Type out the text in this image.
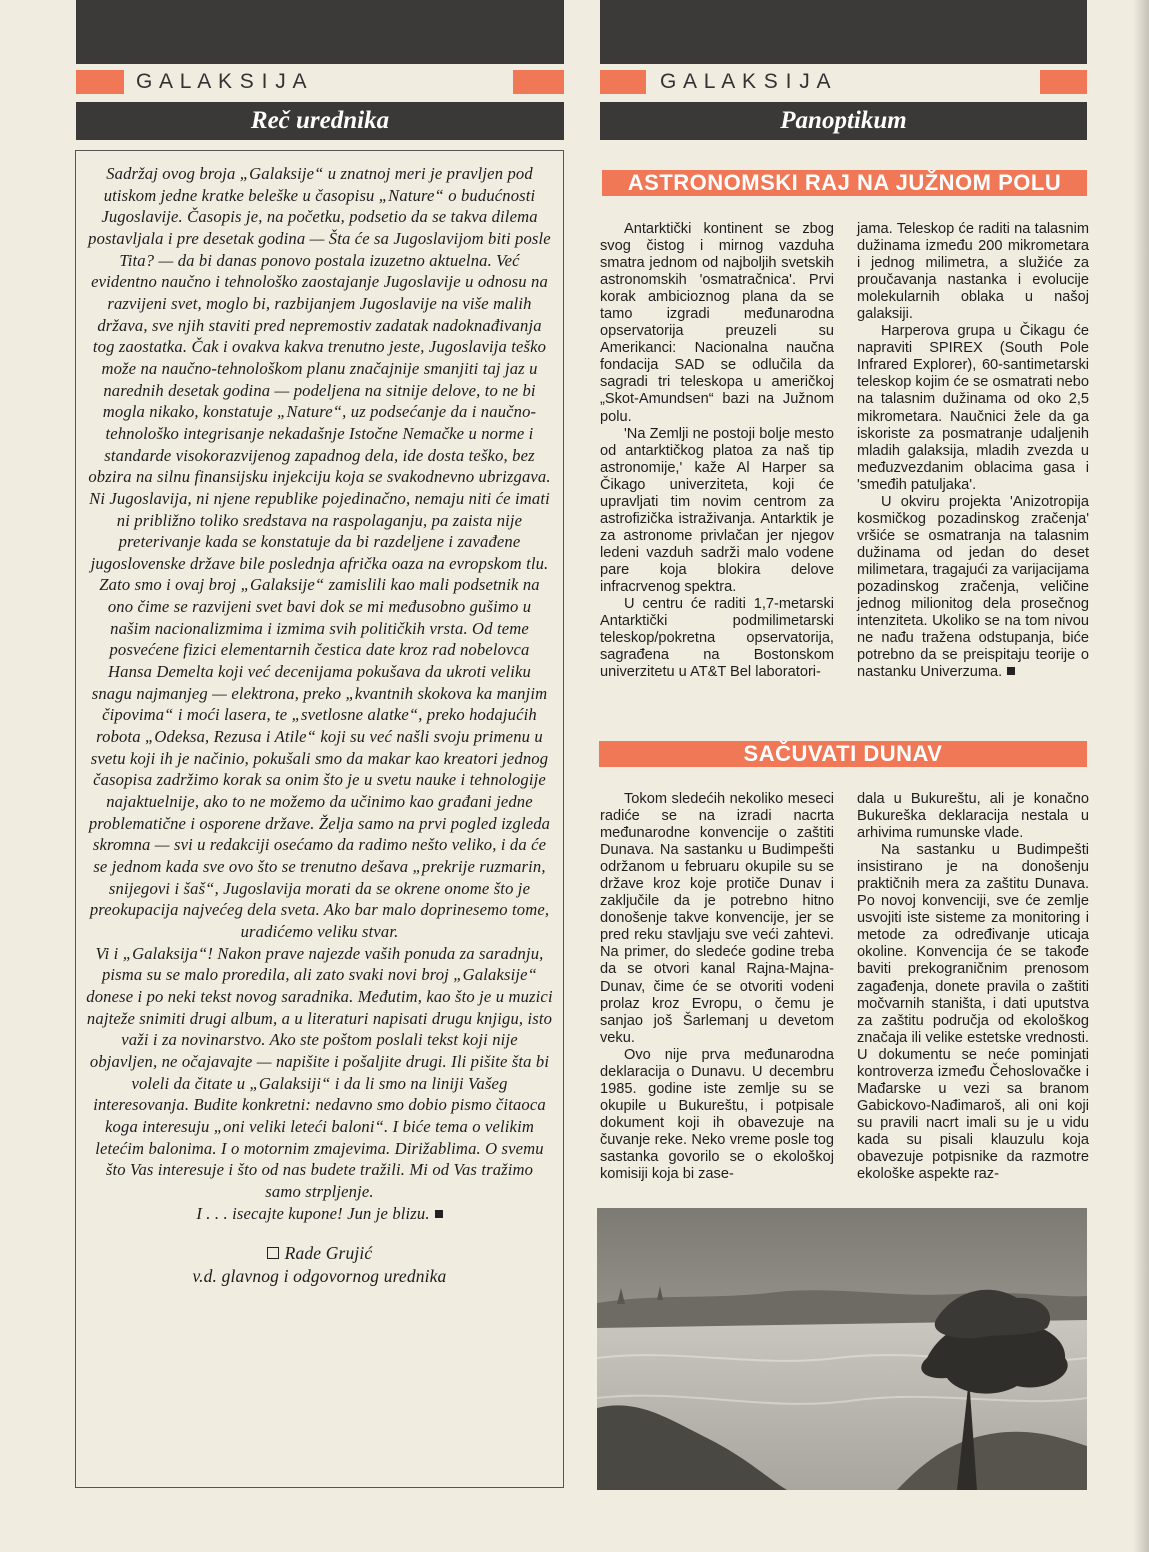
G A L A K S I J A
Reč urednika

Sadržaj ovog broja „Galaksije“ u znatnoj meri je pravljen pod utiskom jedne kratke beleške u časopisu „Nature“ o budućnosti Jugoslavije. Časopis je, na početku, podsetio da se takva dilema postavljala i pre desetak godina — Šta će sa Jugoslavijom biti posle Tita? — da bi danas ponovo postala izuzetno aktuelna. Već evidentno naučno i tehnološko zaostajanje Jugoslavije u odnosu na razvijeni svet, moglo bi, razbijanjem Jugoslavije na više malih država, sve njih staviti pred nepremostiv zadatak nadoknađivanja tog zaostatka. Čak i ovakva kakva trenutno jeste, Jugoslavija teško može na naučno-tehnološkom planu značajnije smanjiti taj jaz u narednih desetak godina — podeljena na sitnije delove, to ne bi mogla nikako, konstatuje „Nature“, uz podsećanje da i naučno-tehnološko integrisanje nekadašnje Istočne Nemačke u norme i standarde visokorazvijenog zapadnog dela, ide dosta teško, bez obzira na silnu finansijsku injekciju koja se svakodnevno ubrizgava. Ni Jugoslavija, ni njene republike pojedinačno, nemaju niti će imati ni približno toliko sredstava na raspolaganju, pa zaista nije preterivanje kada se konstatuje da bi razdeljene i zavađene jugoslovenske države bile poslednja afrička oaza na evropskom tlu.

Zato smo i ovaj broj „Galaksije“ zamislili kao mali podsetnik na ono čime se razvijeni svet bavi dok se mi međusobno gušimo u našim nacionalizmima i izmima svih političkih vrsta. Od teme posvećene fizici elementarnih čestica date kroz rad nobelovca Hansa Demelta koji već decenijama pokušava da ukroti veliku snagu najmanjeg — elektrona, preko „kvantnih skokova ka manjim čipovima“ i moći lasera, te „svetlosne alatke“, preko hodajućih robota „Odeksa, Rezusa i Atile“ koji su već našli svoju primenu u svetu koji ih je načinio, pokušali smo da makar kao kreatori jednog časopisa zadržimo korak sa onim što je u svetu nauke i tehnologije najaktuelnije, ako to ne možemo da učinimo kao građani jedne problematične i osporene države. Želja samo na prvi pogled izgleda skromna — svi u redakciji osećamo da radimo nešto veliko, i da će se jednom kada sve ovo što se trenutno dešava „prekrije ruzmarin, snijegovi i šaš“, Jugoslavija morati da se okrene onome što je preokupacija najvećeg dela sveta. Ako bar malo doprinesemo tome, uradićemo veliku stvar.

Vi i „Galaksija“! Nakon prave najezde vaših ponuda za saradnju, pisma su se malo proredila, ali zato svaki novi broj „Galaksije“ donese i po neki tekst novog saradnika. Međutim, kao što je u muzici najteže snimiti drugi album, a u literaturi napisati drugu knjigu, isto važi i za novinarstvo. Ako ste poštom poslali tekst koji nije objavljen, ne očajavajte — napišite i pošaljite drugi. Ili pišite šta bi voleli da čitate u „Galaksiji“ i da li smo na liniji Vašeg interesovanja. Budite konkretni: nedavno smo dobio pismo čitaoca koga interesuju „oni veliki leteći baloni“. I biće tema o velikim letećim balonima. I o motornim zmajevima. Dirižablima. O svemu što Vas interesuje i što od nas budete tražili. Mi od Vas tražimo samo strpljenje.

I . . . isecajte kupone! Jun je blizu.

Rade Grujić
v.d. glavnog i odgovornog urednika

G A L A K S I J A
Panoptikum
ASTRONOMSKI RAJ NA JUŽNOM POLU

Antarktički kontinent se zbog svog čistog i mirnog vazduha smatra jednom od najboljih svetskih astronomskih 'osmatračnica'. Prvi korak ambicioznog plana da se tamo izgradi međunarodna opservatorija preuzeli su Amerikanci: Nacionalna naučna fondacija SAD se odlučila da sagradi tri teleskopa u američkoj „Skot-Amundsen“ bazi na Južnom polu.

'Na Zemlji ne postoji bolje mesto od antarktičkog platoa za naš tip astronomije,' kaže Al Harper sa Čikago univerziteta, koji će upravljati tim novim centrom za astrofizička istraživanja. Antarktik je za astronome privlačan jer njegov ledeni vazduh sadrži malo vodene pare koja blokira delove infracrvenog spektra.

U centru će raditi 1,7-metarski Antarktički podmilimetarski teleskop/pokretna opservatorija, sagrađena na Bostonskom univerzitetu u AT&T Bel laboratori-

jama. Teleskop će raditi na talasnim dužinama između 200 mikrometara i jednog milimetra, a služiće za proučavanja nastanka i evolucije molekularnih oblaka u našoj galaksiji.

Harperova grupa u Čikagu će napraviti SPIREX (South Pole Infrared Explorer), 60-santimetarski teleskop kojim će se osmatrati nebo na talasnim dužinama od oko 2,5 mikrometara. Naučnici žele da ga iskoriste za posmatranje udaljenih mladih galaksija, mladih zvezda u međuzvezdanim oblacima gasa i 'smeđih patuljaka'.

U okviru projekta 'Anizotropija kosmičkog pozadinskog zračenja' vršiće se osmatranja na talasnim dužinama od jedan do deset milimetara, tragajući za varijacijama pozadinskog zračenja, veličine jednog milionitog dela prosečnog intenziteta. Ukoliko se na tom nivou ne nađu tražena odstupanja, biće potrebno da se preispitaju teorije o nastanku Univerzuma.

SAČUVATI DUNAV

Tokom sledećih nekoliko meseci radiće se na izradi nacrta međunarodne konvencije o zaštiti Dunava. Na sastanku u Budimpešti održanom u februaru okupile su se države kroz koje protiče Dunav i zaključile da je potrebno hitno donošenje takve konvencije, jer se pred reku stavljaju sve veći zahtevi. Na primer, do sledeće godine treba da se otvori kanal Rajna-Majna-Dunav, čime će se otvoriti vodeni prolaz kroz Evropu, o čemu je sanjao još Šarlemanj u devetom veku.

Ovo nije prva međunarodna deklaracija o Dunavu. U decembru 1985. godine iste zemlje su se okupile u Bukureštu, i potpisale dokument koji ih obavezuje na čuvanje reke. Neko vreme posle tog sastanka govorilo se o ekološkoj komisiji koja bi zase-

dala u Bukureštu, ali je konačno Bukureška deklaracija nestala u arhivima rumunske vlade.

Na sastanku u Budimpešti insistirano je na donošenju praktičnih mera za zaštitu Dunava. Po novoj konvenciji, sve će zemlje usvojiti iste sisteme za monitoring i metode za određivanje uticaja okoline. Konvencija će se takođe baviti prekograničnim prenosom zagađenja, donete pravila o zaštiti močvarnih staništa, i dati uputstva za zaštitu područja od ekološkog značaja ili velike estetske vrednosti. U dokumentu se neće pominjati kontroverza između Čehoslovačke i Mađarske u vezi sa branom Gabickovo-Nađimaroš, ali oni koji su pravili nacrt imali su je u vidu kada su pisali klauzulu koja obavezuje potpisnike da razmotre ekološke aspekte raz-
